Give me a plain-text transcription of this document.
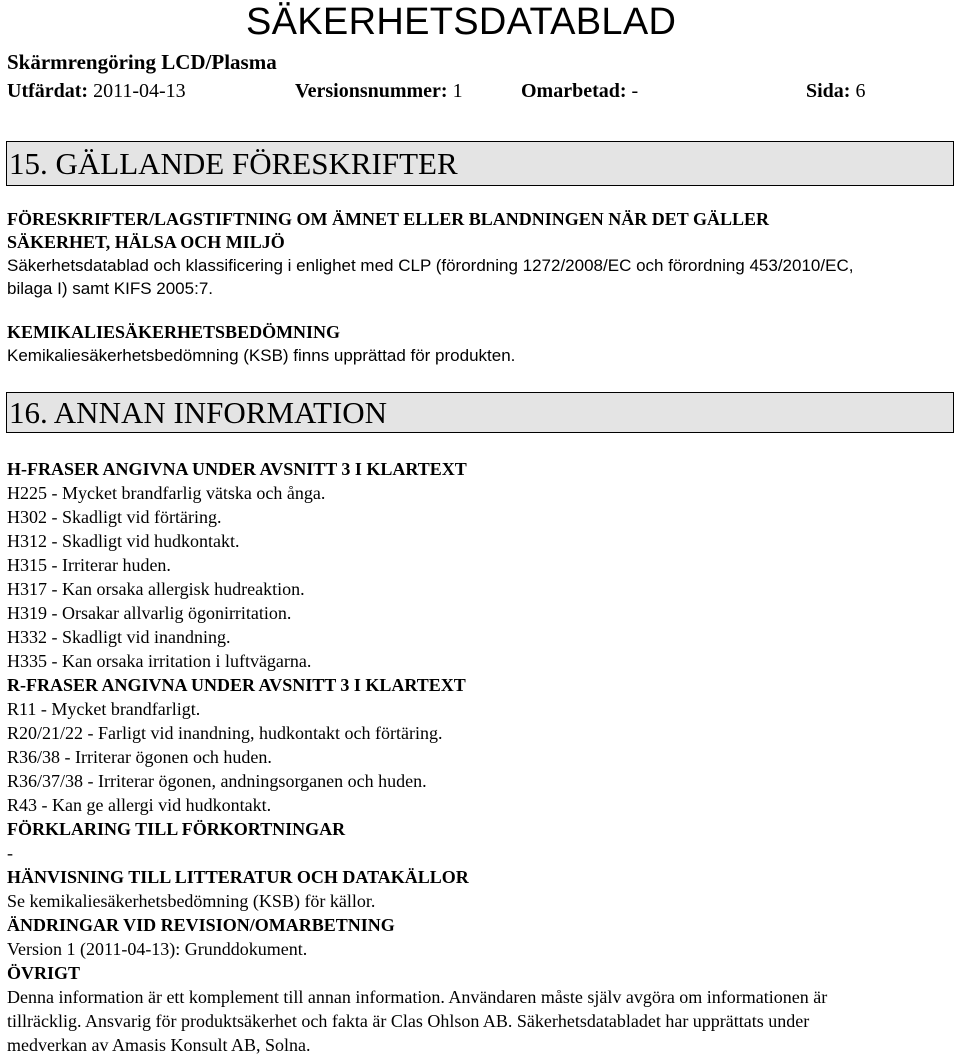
SÄKERHETSDATABLAD
Skärmrengöring LCD/Plasma
Utfärdat: 2011-04-13	Versionsnummer: 1	Omarbetad: -	Sida: 6
15. GÄLLANDE FÖRESKRIFTER
FÖRESKRIFTER/LAGSTIFTNING OM ÄMNET ELLER BLANDNINGEN NÄR DET GÄLLER
SÄKERHET, HÄLSA OCH MILJÖ
Säkerhetsdatablad och klassificering i enlighet med CLP (förordning 1272/2008/EC och förordning 453/2010/EC,
bilaga I) samt KIFS 2005:7.
KEMIKALIESÄKERHETSBEDÖMNING
Kemikaliesäkerhetsbedömning (KSB) finns upprättad för produkten.
16. ANNAN INFORMATION
H-FRASER ANGIVNA UNDER AVSNITT 3 I KLARTEXT
H225 - Mycket brandfarlig vätska och ånga.
H302 - Skadligt vid förtäring.
H312 - Skadligt vid hudkontakt.
H315 - Irriterar huden.
H317 - Kan orsaka allergisk hudreaktion.
H319 - Orsakar allvarlig ögonirritation.
H332 - Skadligt vid inandning.
H335 - Kan orsaka irritation i luftvägarna.
R-FRASER ANGIVNA UNDER AVSNITT 3 I KLARTEXT
R11 - Mycket brandfarligt.
R20/21/22 - Farligt vid inandning, hudkontakt och förtäring.
R36/38 - Irriterar ögonen och huden.
R36/37/38 - Irriterar ögonen, andningsorganen och huden.
R43 - Kan ge allergi vid hudkontakt.
FÖRKLARING TILL FÖRKORTNINGAR
-
HÄNVISNING TILL LITTERATUR OCH DATAKÄLLOR
Se kemikaliesäkerhetsbedömning (KSB) för källor.
ÄNDRINGAR VID REVISION/OMARBETNING
Version 1 (2011-04-13): Grunddokument.
ÖVRIGT
Denna information är ett komplement till annan information. Användaren måste själv avgöra om informationen är
tillräcklig. Ansvarig för produktsäkerhet och fakta är Clas Ohlson AB. Säkerhetsdatabladet har upprättats under
medverkan av Amasis Konsult AB, Solna.
